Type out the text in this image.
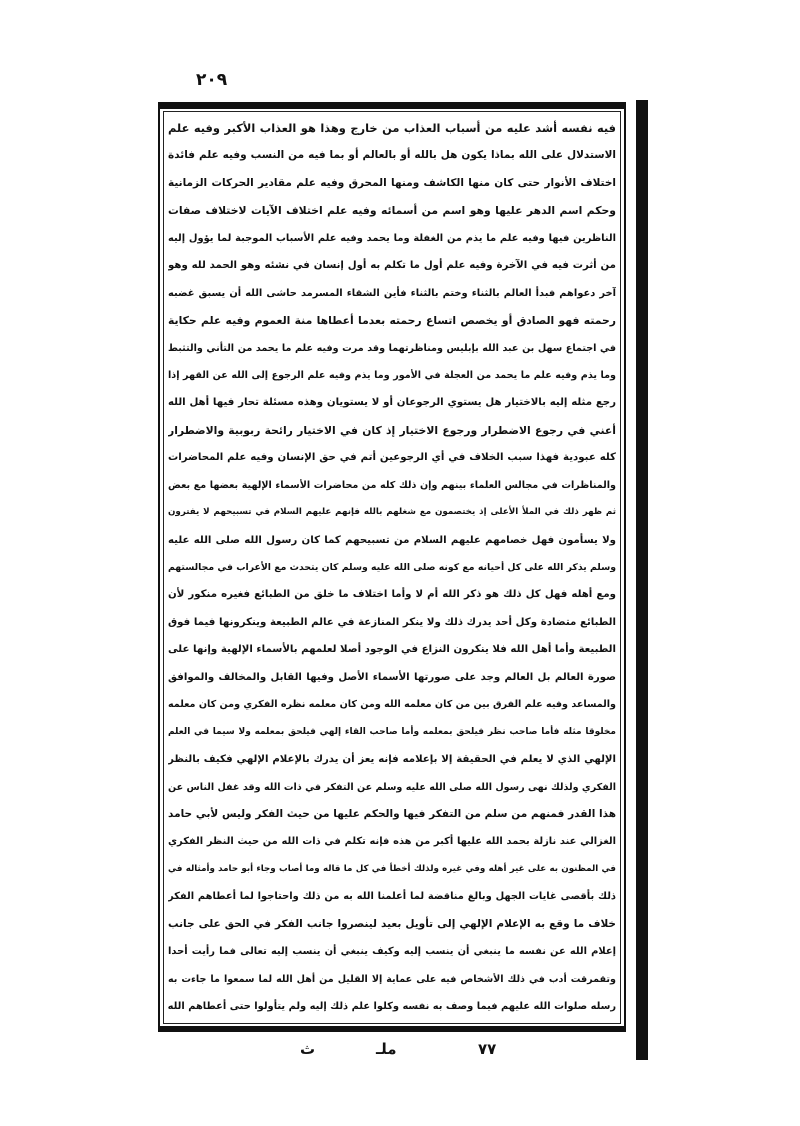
٢٠٩
فيه نفسه أشد عليه من أسباب العذاب من خارج وهذا هو العذاب الأكبر وفيه علم
الاستدلال على الله بماذا يكون هل بالله أو بالعالم أو بما فيه من النسب وفيه علم فائدة
اختلاف الأنوار حتى كان منها الكاشف ومنها المحرق وفيه علم مقادير الحركات الزمانية
وحكم اسم الدهر عليها وهو اسم من أسمائه وفيه علم اختلاف الآيات لاختلاف صفات
الناظرين فيها وفيه علم ما يذم من الغفلة وما يحمد وفيه علم الأسباب الموجبة لما يؤول إليه
من أثرت فيه في الآخرة وفيه علم أول ما تكلم به أول إنسان في نشئه وهو الحمد لله وهو
آخر دعواهم فبدأ العالم بالثناء وختم بالثناء فأين الشقاء المسرمد حاشى الله أن يسبق غضبه
رحمته فهو الصادق أو يخصص اتساع رحمته بعدما أعطاها منة العموم وفيه علم حكاية
في اجتماع سهل بن عبد الله بإبليس ومناظرتهما وقد مرت وفيه علم ما يحمد من التأني والتثبط
وما يذم وفيه علم ما يحمد من العجلة في الأمور وما يذم وفيه علم الرجوع إلى الله عن القهر إذا
رجع مثله إليه بالاختيار هل يستوي الرجوعان أو لا يستويان وهذه مسئلة تحار فيها أهل الله
أعني في رجوع الاضطرار ورجوع الاختيار إذ كان في الاختيار رائحة ربوبية والاضطرار
كله عبودية فهذا سبب الخلاف في أي الرجوعين أتم في حق الإنسان وفيه علم المحاضرات
والمناظرات في مجالس العلماء بينهم وإن ذلك كله من محاضرات الأسماء الإلهية بعضها مع بعض
ثم ظهر ذلك في الملأ الأعلى إذ يختصمون مع شغلهم بالله فإنهم عليهم السلام في تسبيحهم لا يفترون
ولا يسأمون فهل خصامهم عليهم السلام من تسبيحهم كما كان رسول الله صلى الله عليه
وسلم يذكر الله على كل أحيانه مع كونه صلى الله عليه وسلم كان يتحدث مع الأعراب في مجالستهم
ومع أهله فهل كل ذلك هو ذكر الله أم لا وأما اختلاف ما خلق من الطبائع فغيره منكور لأن
الطبائع متضادة وكل أحد يدرك ذلك ولا ينكر المنازعة في عالم الطبيعة وينكرونها فيما فوق
الطبيعة وأما أهل الله فلا ينكرون النزاع في الوجود أصلا لعلمهم بالأسماء الإلهية وإنها على
صورة العالم بل العالم وجد على صورتها الأسماء الأصل وفيها القابل والمخالف والموافق
والمساعد وفيه علم الفرق بين من كان معلمه الله ومن كان معلمه نظره الفكري ومن كان معلمه
مخلوقا مثله فأما صاحب نظر فيلحق بمعلمه وأما صاحب القاء إلهي فيلحق بمعلمه ولا سيما في العلم
الإلهي الذي لا يعلم في الحقيقة إلا بإعلامه فإنه يعز أن يدرك بالإعلام الإلهي فكيف بالنظر
الفكري ولذلك نهى رسول الله صلى الله عليه وسلم عن التفكر في ذات الله وقد غفل الناس عن
هذا القدر فمنهم من سلم من التفكر فيها والحكم عليها من حيث الفكر وليس لأبي حامد
الغزالي عند نازلة بحمد الله عليها أكبر من هذه فإنه تكلم في ذات الله من حيث النظر الفكري
في المظنون به على غير أهله وفي غيره ولذلك أخطأ في كل ما قاله وما أصاب وجاء أبو حامد وأمثاله في
ذلك بأقصى غايات الجهل وبالغ مناقضة لما أعلمنا الله به من ذلك واحتاجوا لما أعطاهم الفكر
خلاف ما وقع به الإعلام الإلهي إلى تأويل بعيد لينصروا جانب الفكر في الحق على جانب
إعلام الله عن نفسه ما ينبغي أن ينسب إليه وكيف ينبغي أن ينسب إليه تعالى فما رأيت أحدا
وتقمرقت أدب في ذلك الأشخاص فيه على عماية إلا القليل من أهل الله لما سمعوا ما جاءت به
رسله صلوات الله عليهم فيما وصف به نفسه وكلوا علم ذلك إليه ولم يتأولوا حتى أعطاهم الله
٧٧
ملـ
ث
